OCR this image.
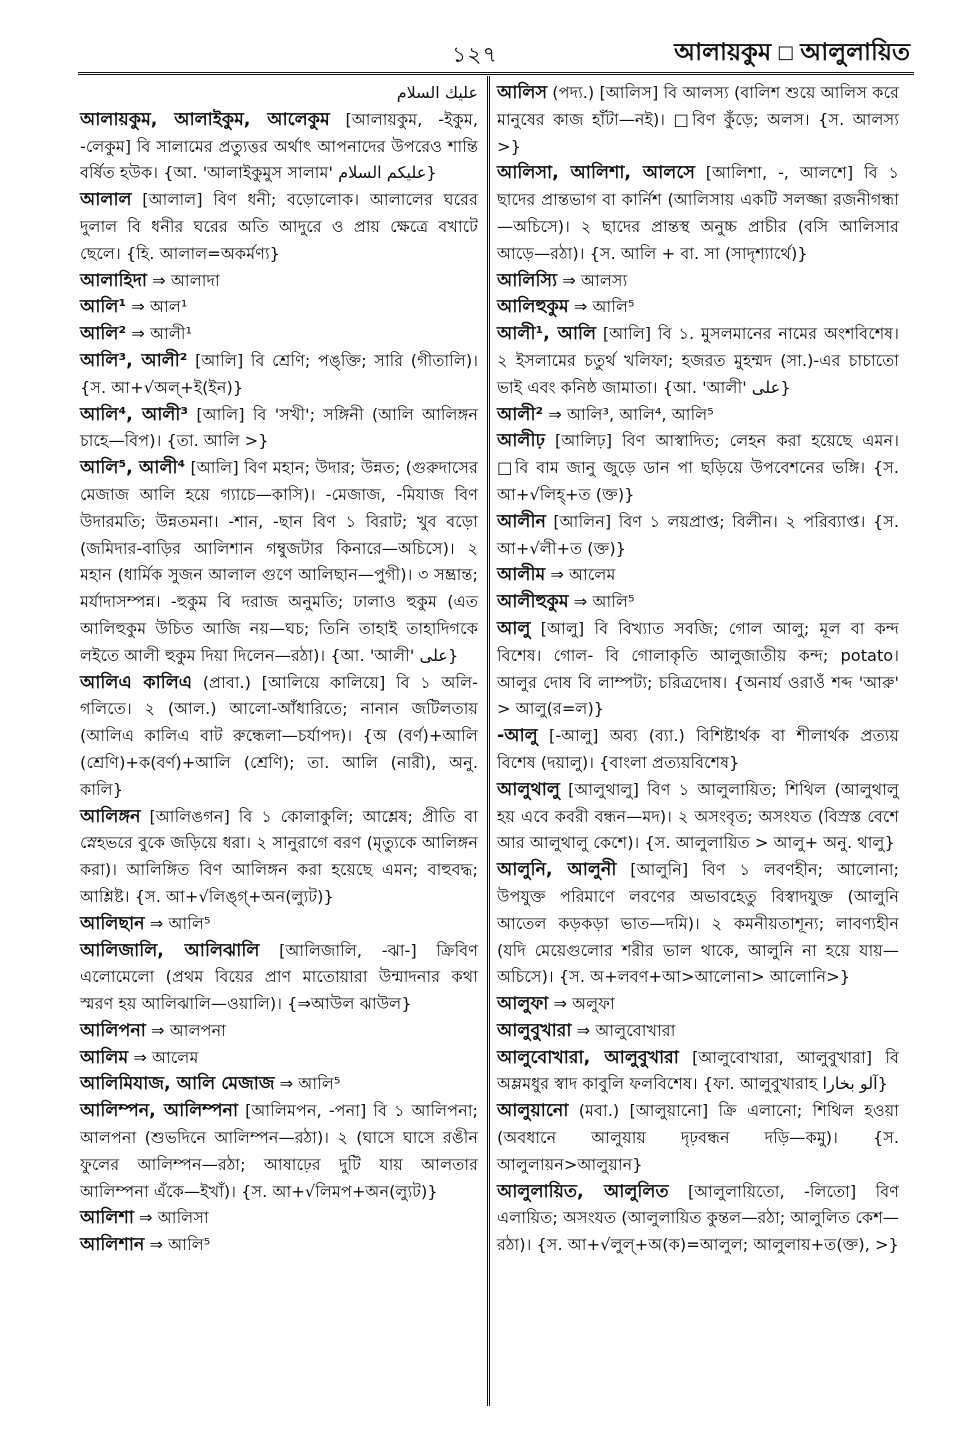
১২৭	আলায়কুম □ আলুলায়িত
عليك السلام

আলায়কুম, আলাইকুম, আলেকুম [আলায়কুম, -ইকুম, -লেকুম] বি সালামের প্রত্যুত্তর অর্থাৎ আপনাদের উপরেও শান্তি বর্ষিত হউক। {আ. 'আলাইকুমুস সালাম' عليكم السلام}

আলাল [আলাল] বিণ ধনী; বড়োলোক। আলালের ঘরের দুলাল বি ধনীর ঘরের অতি আদুরে ও প্রায় ক্ষেত্রে বখাটে ছেলে। {হি. আলাল=অকর্মণ্য}

আলাহিদা ⇒ আলাদা

আলি¹ ⇒ আল¹

আলি² ⇒ আলী¹

আলি³, আলী² [আলি] বি শ্রেণি; পঙ্‌ক্তি; সারি (গীতালি)। {স. আ+√অল্‌+ই(ইন)}

আলি⁴, আলী³ [আলি] বি 'সখী'; সঙ্গিনী (আলি আলিঙ্গন চাহে—বিপ)। {তা. আলি >}

আলি⁵, আলী⁴ [আলি] বিণ মহান; উদার; উন্নত; (গুরুদাসের মেজাজ আলি হয়ে গ্যাচে—কাসি)। -মেজাজ, -মিযাজ বিণ উদারমতি; উন্নতমনা। -শান, -ছান বিণ ১ বিরাট; খুব বড়ো (জমিদার-বাড়ির আলিশান গম্বুজটার কিনারে—অচিসে)। ২ মহান (ধার্মিক সুজন আলাল গুণে আলিছান—পুগী)। ৩ সম্ভ্রান্ত; মর্যাদাসম্পন্ন। -হুকুম বি দরাজ অনুমতি; ঢালাও হুকুম (এত আলিহুকুম উচিত আজি নয়—ঘচ; তিনি তাহাই তাহাদিগকে লইতে আলী হুকুম দিয়া দিলেন—রঠা)। {আ. 'আলী' على}

আলিএ কালিএ (প্রাবা.) [আলিয়ে কালিয়ে] বি ১ অলি-গলিতে। ২ (আল.) আলো-আঁধারিতে; নানান জটিলতায় (আলিএ কালিএ বাট রুন্ধেলা—চর্যাপদ)। {অ (বর্ণ)+আলি (শ্রেণি)+ক(বর্ণ)+আলি (শ্রেণি); তা. আলি (নারী), অনু. কালি}

আলিঙ্গন [আলিঙগন] বি ১ কোলাকুলি; আশ্লেষ; প্রীতি বা স্নেহভরে বুকে জড়িয়ে ধরা। ২ সানুরাগে বরণ (মৃত্যুকে আলিঙ্গন করা)। আলিঙ্গিত বিণ আলিঙ্গন করা হয়েছে এমন; বাহুবদ্ধ; আশ্লিষ্ট। {স. আ+√লিঙ্গ্‌+অন(ল্যুট)}

আলিছান ⇒ আলি⁵

আলিজালি, আলিঝালি [আলিজালি, -ঝা-] ক্রিবিণ এলোমেলো (প্রথম বিয়ের প্রাণ মাতোয়ারা উন্মাদনার কথা স্মরণ হয় আলিঝালি—ওয়ালি)। {⇒আউল ঝাউল}

আলিপনা ⇒ আলপনা

আলিম ⇒ আলেম

আলিমিযাজ, আলি মেজাজ ⇒ আলি⁵

আলিম্পন, আলিম্পনা [আলিমপন, -পনা] বি ১ আলিপনা; আলপনা (শুভদিনে আলিম্পন—রঠা)। ২ (ঘাসে ঘাসে রঙীন ফুলের আলিম্পন—রঠা; আষাঢ়ের দুটি যায় আলতার আলিম্পনা এঁকে—ইখাঁ)। {স. আ+√লিমপ+অন(ল্যুট)}

আলিশা ⇒ আলিসা

আলিশান ⇒ আলি⁵

আলিস (পদ্য.) [আলিস] বি আলস্য (বালিশ শুয়ে আলিস করে মানুষের কাজ হাঁটা—নই)। □বিণ কুঁড়ে; অলস। {স. আলস্য >}

আলিসা, আলিশা, আলসে [আলিশা, -, আলশে] বি ১ ছাদের প্রান্তভাগ বা কার্নিশ (আলিসায় একটি সলজ্জা রজনীগন্ধা—অচিসে)। ২ ছাদের প্রান্তস্থ অনুচ্চ প্রাচীর (বসি আলিসার আড়ে—রঠা)। {স. আলি + বা. সা (সাদৃশ্যার্থে)}

আলিস্যি ⇒ আলস্য

আলিহুকুম ⇒ আলি⁵

আলী¹, আলি [আলি] বি ১. মুসলমানের নামের অংশবিশেষ। ২ ইসলামের চতুর্থ খলিফা; হজরত মুহম্মদ (সা.)-এর চাচাতো ভাই এবং কনিষ্ঠ জামাতা। {আ. 'আলী' علی}

আলী² ⇒ আলি³, আলি⁴, আলি⁵

আলীঢ় [আলিঢ়] বিণ আস্বাদিত; লেহন করা হয়েছে এমন। □বি বাম জানু জুড়ে ডান পা ছড়িয়ে উপবেশনের ভঙ্গি। {স. আ+√লিহ্‌+ত (ক্ত)}

আলীন [আলিন] বিণ ১ লয়প্রাপ্ত; বিলীন। ২ পরিব্যাপ্ত। {স. আ+√লী+ত (ক্ত)}

আলীম ⇒ আলেম

আলীহুকুম ⇒ আলি⁵

আলু [আলু] বি বিখ্যাত সবজি; গোল আলু; মূল বা কন্দ বিশেষ। গোল- বি গোলাকৃতি আলুজাতীয় কন্দ; potato। আলুর দোষ বি লাম্পট্য; চরিত্রদোষ। {অনার্য ওরাওঁ শব্দ 'আরু' > আলু(র=ল)}

-আলু [-আলু] অব্য (ব্যা.) বিশিষ্টার্থক বা শীলার্থক প্রত্যয় বিশেষ (দয়ালু)। {বাংলা প্রত্যয়বিশেষ}

আলুথালু [আলুথালু] বিণ ১ আলুলায়িত; শিথিল (আলুথালু হয় এবে কবরী বন্ধন—মদ)। ২ অসংবৃত; অসংযত (বিস্রস্ত বেশে আর আলুথালু কেশে)। {স. আলুলায়িত > আলু+ অনু. থালু}

আলুনি, আলুনী [আলুনি] বিণ ১ লবণহীন; আলোনা; উপযুক্ত পরিমাণে লবণের অভাবহেতু বিস্বাদযুক্ত (আলুনি আতেল কড়কড়া ভাত—দমি)। ২ কমনীয়তাশূন্য; লাবণ্যহীন (যদি মেয়েগুলোর শরীর ভাল থাকে, আলুনি না হয়ে যায়—অচিসে)। {স. অ+লবণ+আ>আলোনা> আলোনি>}

আলুফা ⇒ অলুফা

আলুবুখারা ⇒ আলুবোখারা

আলুবোখারা, আলুবুখারা [আলুবোখারা, আলুবুখারা] বি অম্লমধুর স্বাদ কাবুলি ফলবিশেষ। {ফা. আলুবুখারাহ آلو بخارا}

আলুয়ানো (মবা.) [আলুয়ানো] ক্রি এলানো; শিথিল হওয়া (অবধানে আলুয়ায় দৃঢ়বন্ধন দড়ি—কমু)। {স. আলুলায়ন>আলুয়ান}

আলুলায়িত, আলুলিত [আলুলায়িতো, -লিতো] বিণ এলায়িত; অসংযত (আলুলায়িত কুন্তল—রঠা; আলুলিত কেশ—রঠা)। {স. আ+√লুল্‌+অ(ক)=আলুল; আলুলায়+ত(ক্ত), >}
